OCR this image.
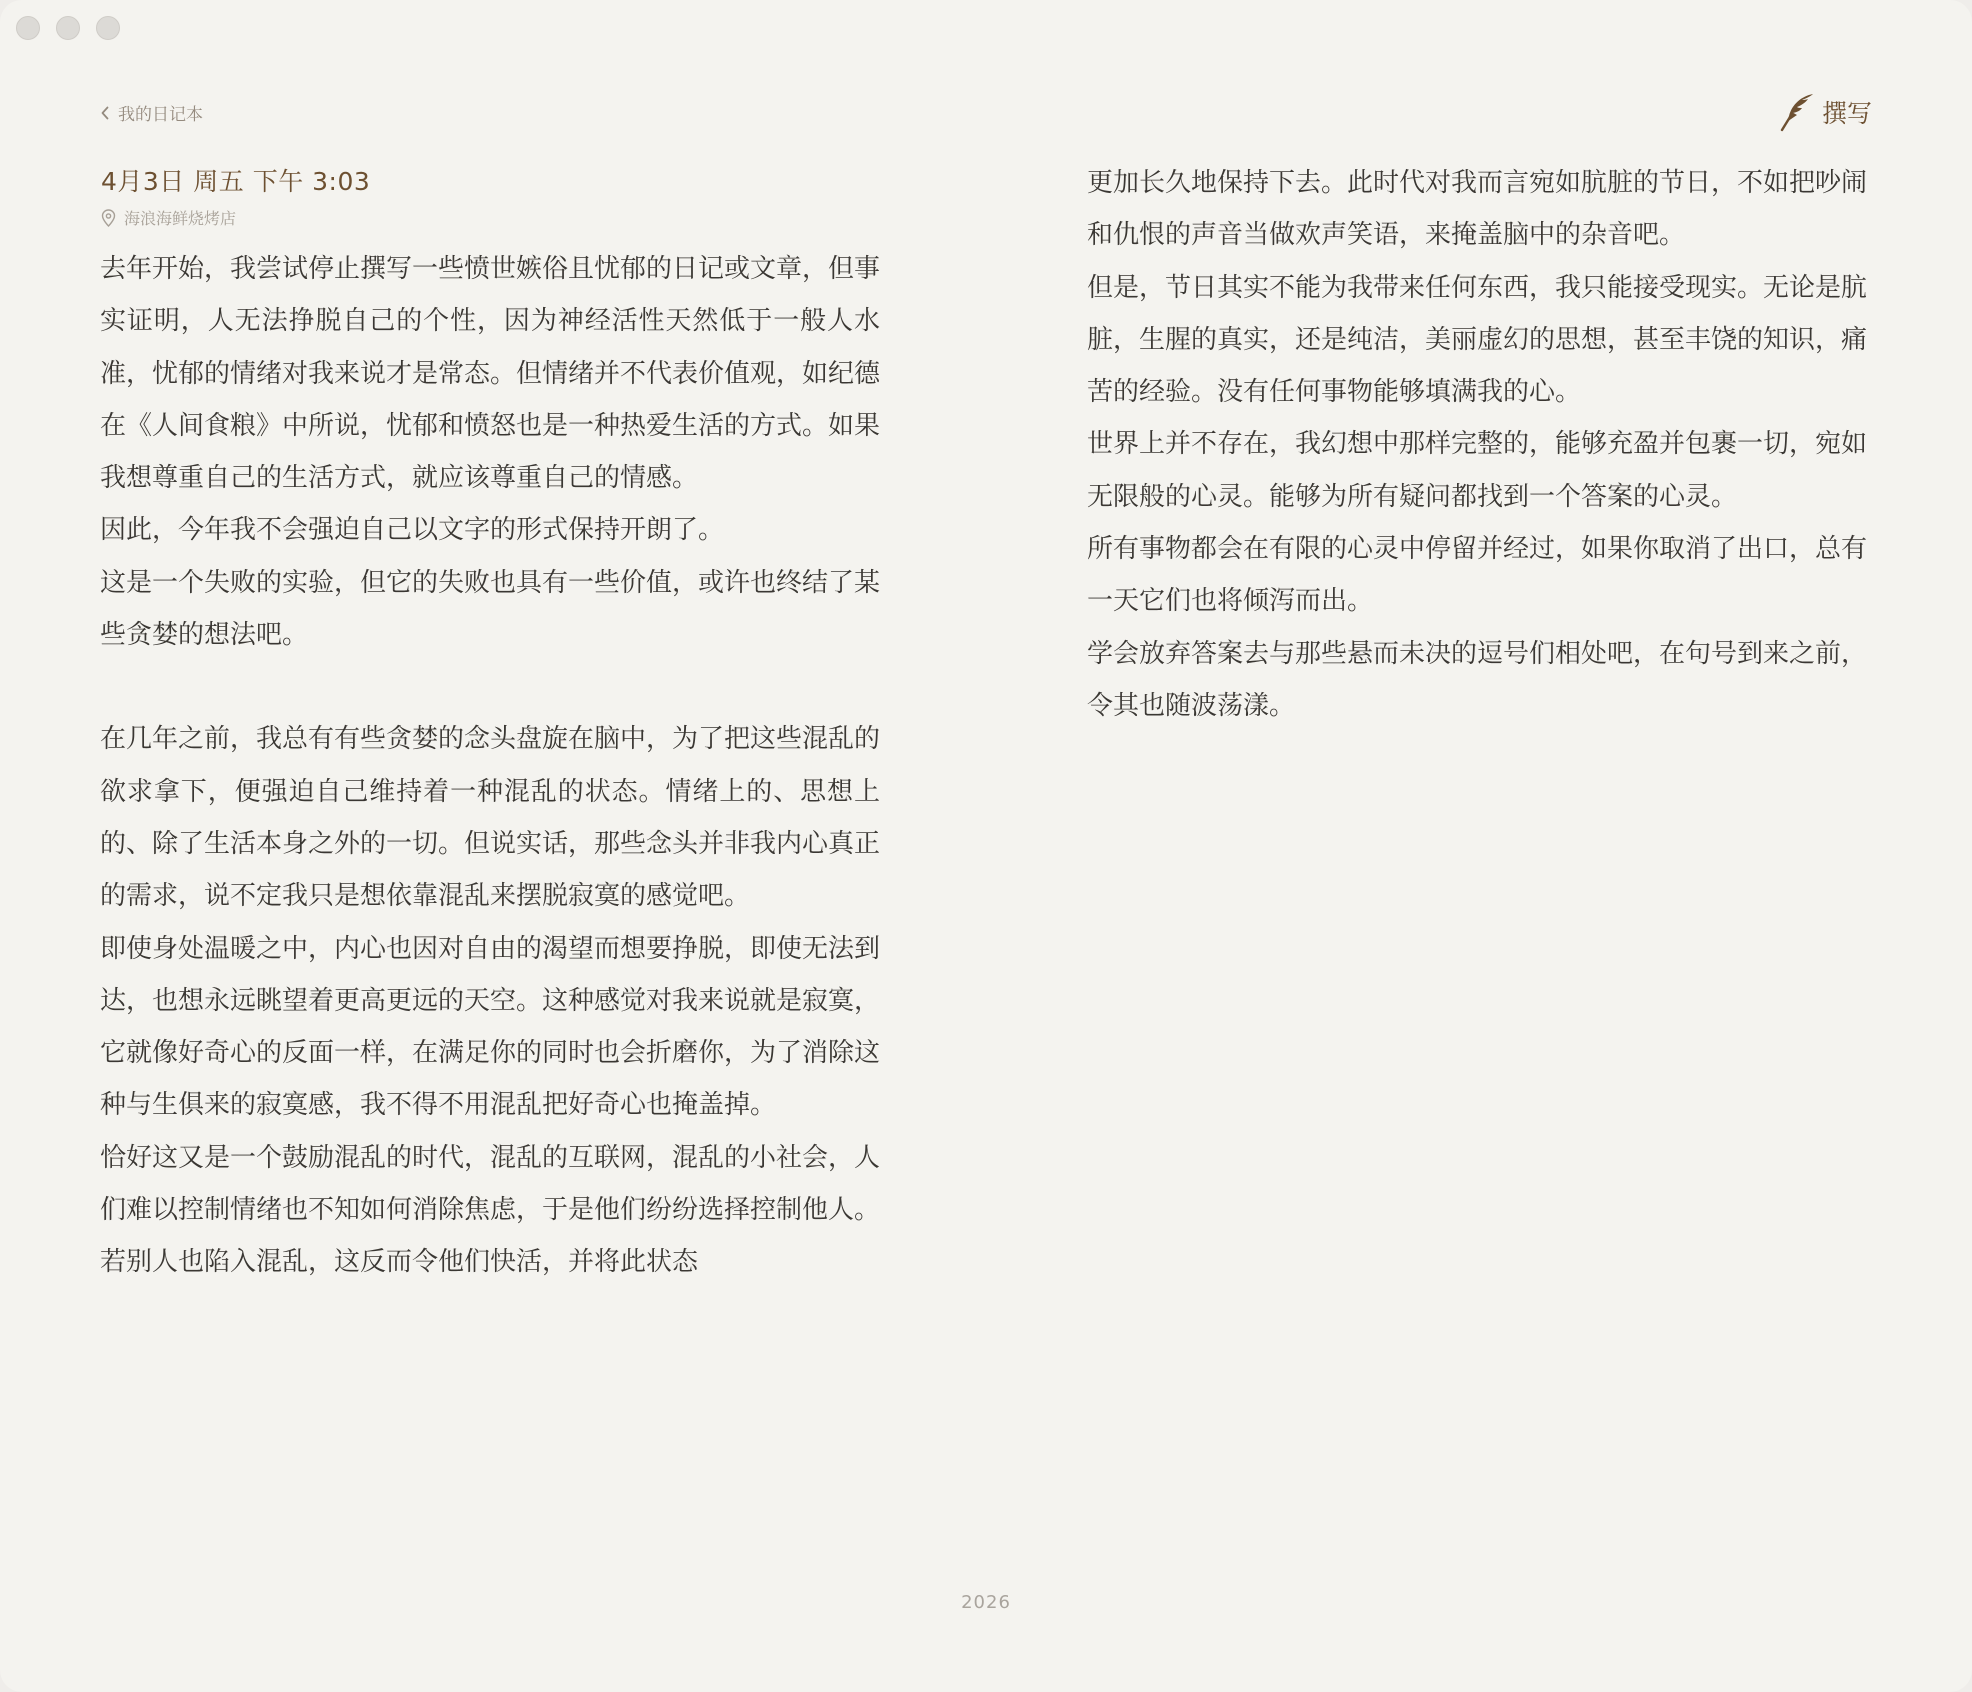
我的日记本	撰写
4月3日 周五 下午 3:03
海浪海鲜烧烤店

去年开始，我尝试停止撰写一些愤世嫉俗且忧郁的日记或文章，但事实证明，人无法挣脱自己的个性，因为神经活性天然低于一般人水准，忧郁的情绪对我来说才是常态。但情绪并不代表价值观，如纪德在《人间食粮》中所说，忧郁和愤怒也是一种热爱生活的方式。如果我想尊重自己的生活方式，就应该尊重自己的情感。

因此，今年我不会强迫自己以文字的形式保持开朗了。

这是一个失败的实验，但它的失败也具有一些价值，或许也终结了某些贪婪的想法吧。

在几年之前，我总有有些贪婪的念头盘旋在脑中，为了把这些混乱的欲求拿下，便强迫自己维持着一种混乱的状态。情绪上的、思想上的、除了生活本身之外的一切。但说实话，那些念头并非我内心真正的需求，说不定我只是想依靠混乱来摆脱寂寞的感觉吧。

即使身处温暖之中，内心也因对自由的渴望而想要挣脱，即使无法到达，也想永远眺望着更高更远的天空。这种感觉对我来说就是寂寞，它就像好奇心的反面一样，在满足你的同时也会折磨你，为了消除这种与生俱来的寂寞感，我不得不用混乱把好奇心也掩盖掉。

恰好这又是一个鼓励混乱的时代，混乱的互联网，混乱的小社会，人们难以控制情绪也不知如何消除焦虑，于是他们纷纷选择控制他人。若别人也陷入混乱，这反而令他们快活，并将此状态

更加长久地保持下去。此时代对我而言宛如肮脏的节日，不如把吵闹和仇恨的声音当做欢声笑语，来掩盖脑中的杂音吧。

但是，节日其实不能为我带来任何东西，我只能接受现实。无论是肮脏，生腥的真实，还是纯洁，美丽虚幻的思想，甚至丰饶的知识，痛苦的经验。没有任何事物能够填满我的心。

世界上并不存在，我幻想中那样完整的，能够充盈并包裹一切，宛如无限般的心灵。能够为所有疑问都找到一个答案的心灵。

所有事物都会在有限的心灵中停留并经过，如果你取消了出口，总有一天它们也将倾泻而出。

学会放弃答案去与那些悬而未决的逗号们相处吧，在句号到来之前，令其也随波荡漾。

2026
